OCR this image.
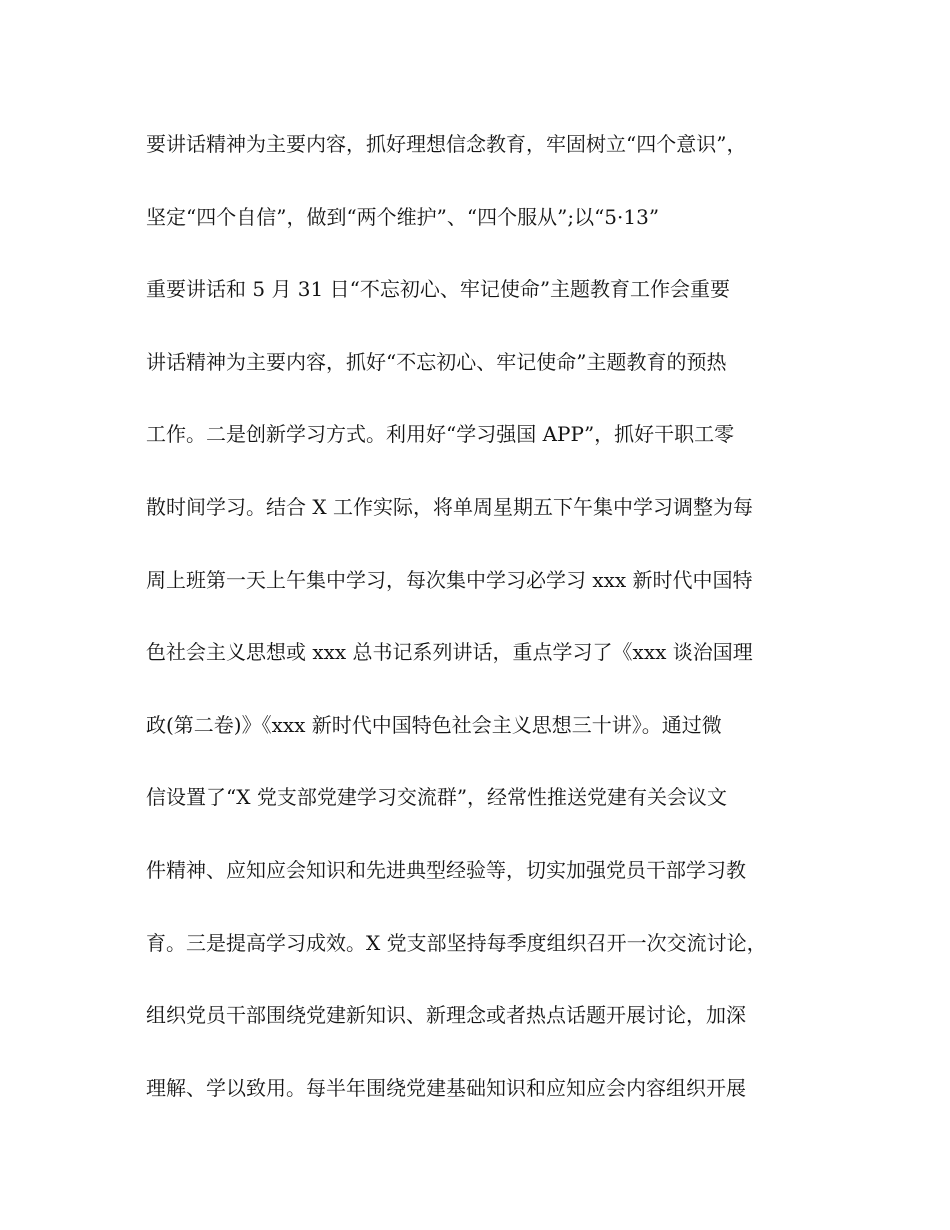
要讲话精神为主要内容，抓好理想信念教育，牢固树立“四个意识”，
坚定“四个自信”，做到“两个维护”、“四个服从”;以“5·13”
重要讲话和 5 月 31 日“不忘初心、牢记使命”主题教育工作会重要
讲话精神为主要内容，抓好“不忘初心、牢记使命”主题教育的预热
工作。二是创新学习方式。利用好“学习强国 APP”，抓好干职工零
散时间学习。结合 X 工作实际，将单周星期五下午集中学习调整为每
周上班第一天上午集中学习，每次集中学习必学习 xxx 新时代中国特
色社会主义思想或 xxx 总书记系列讲话，重点学习了《xxx 谈治国理
政(第二卷)》《xxx 新时代中国特色社会主义思想三十讲》。通过微
信设置了“X 党支部党建学习交流群”，经常性推送党建有关会议文
件精神、应知应会知识和先进典型经验等，切实加强党员干部学习教
育。三是提高学习成效。X 党支部坚持每季度组织召开一次交流讨论，
组织党员干部围绕党建新知识、新理念或者热点话题开展讨论，加深
理解、学以致用。每半年围绕党建基础知识和应知应会内容组织开展
